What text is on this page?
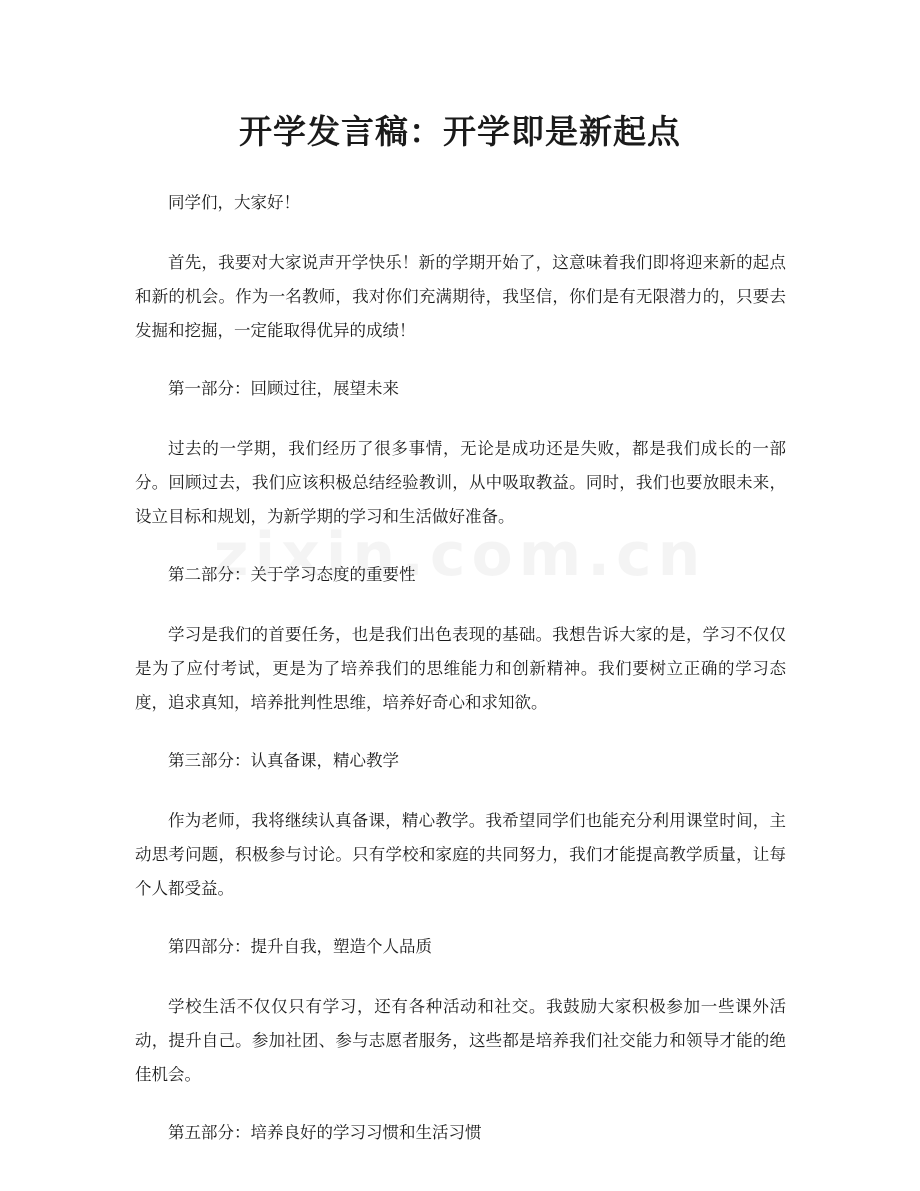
开学发言稿：开学即是新起点

同学们，大家好！

首先，我要对大家说声开学快乐！新的学期开始了，这意味着我们即将迎来新的起点和新的机会。作为一名教师，我对你们充满期待，我坚信，你们是有无限潜力的，只要去发掘和挖掘，一定能取得优异的成绩！

第一部分：回顾过往，展望未来

过去的一学期，我们经历了很多事情，无论是成功还是失败，都是我们成长的一部分。回顾过去，我们应该积极总结经验教训，从中吸取教益。同时，我们也要放眼未来，设立目标和规划，为新学期的学习和生活做好准备。

第二部分：关于学习态度的重要性

学习是我们的首要任务，也是我们出色表现的基础。我想告诉大家的是，学习不仅仅是为了应付考试，更是为了培养我们的思维能力和创新精神。我们要树立正确的学习态度，追求真知，培养批判性思维，培养好奇心和求知欲。

第三部分：认真备课，精心教学

作为老师，我将继续认真备课，精心教学。我希望同学们也能充分利用课堂时间，主动思考问题，积极参与讨论。只有学校和家庭的共同努力，我们才能提高教学质量，让每个人都受益。

第四部分：提升自我，塑造个人品质

学校生活不仅仅只有学习，还有各种活动和社交。我鼓励大家积极参加一些课外活动，提升自己。参加社团、参与志愿者服务，这些都是培养我们社交能力和领导才能的绝佳机会。

第五部分：培养良好的学习习惯和生活习惯
